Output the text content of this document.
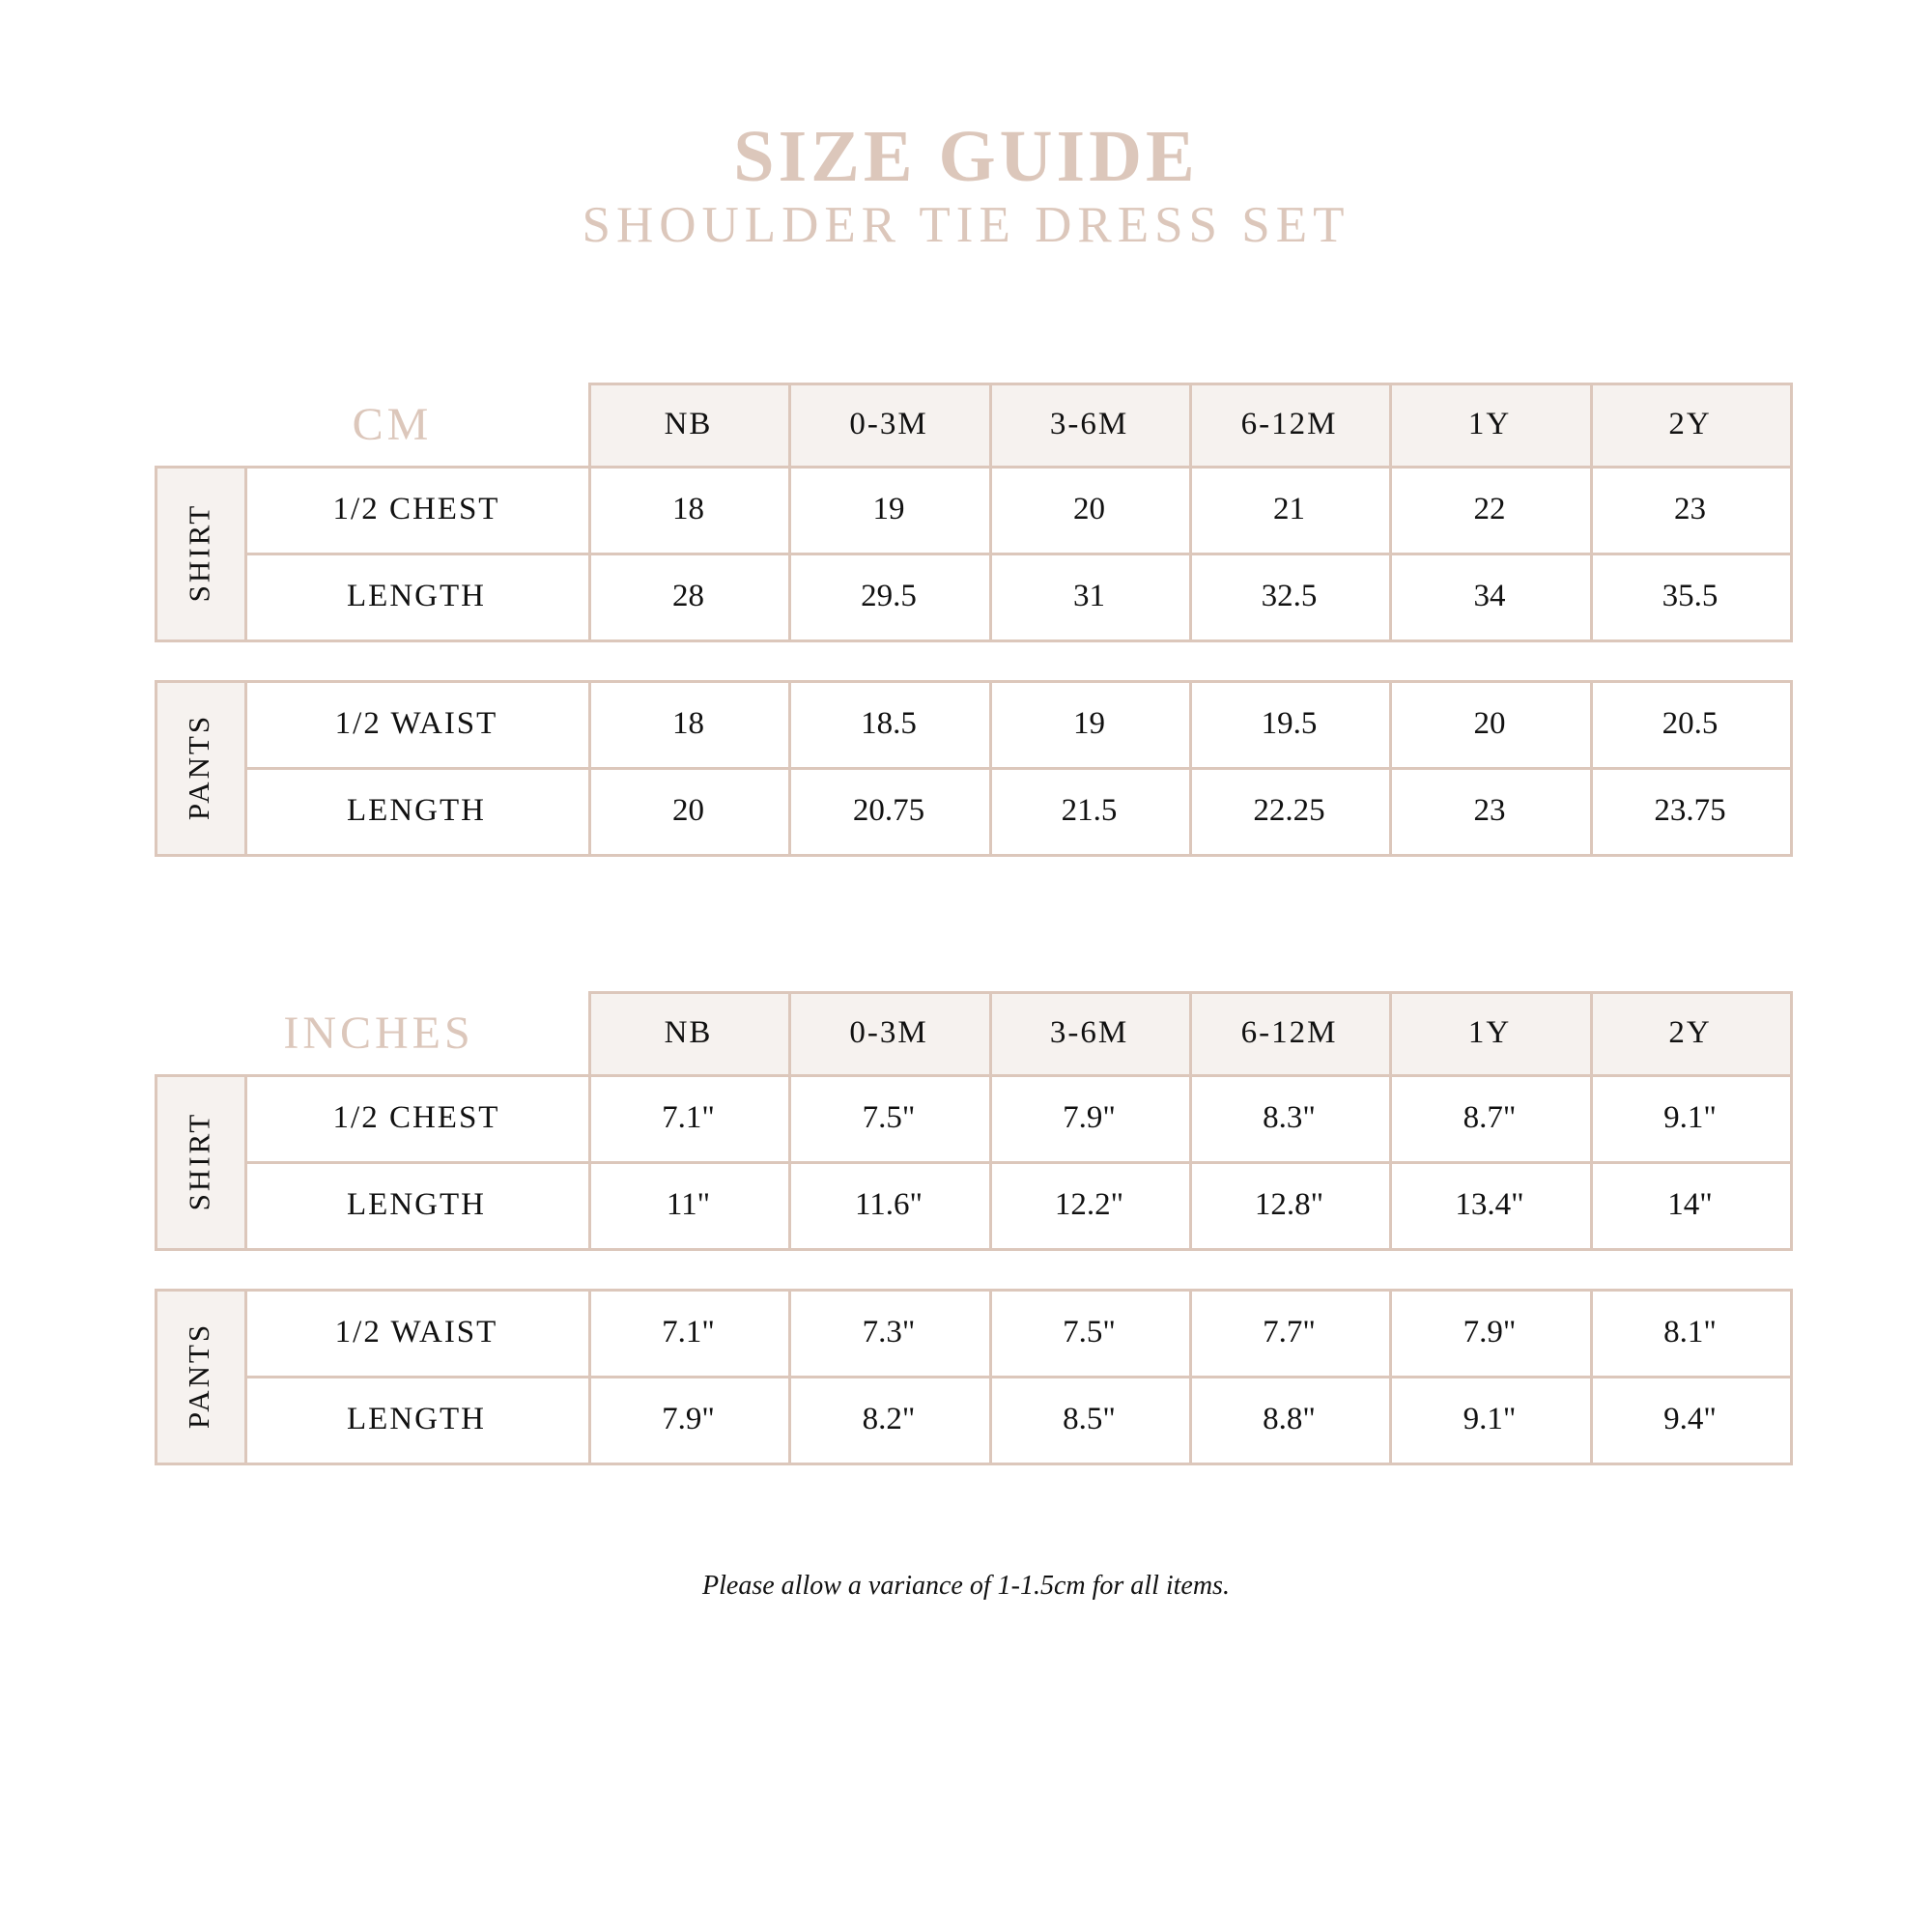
SIZE GUIDE
SHOULDER TIE DRESS SET
CM	NB	0-3M	3-6M	6-12M	1Y	2Y
SHIRT	1/2 CHEST	18	19	20	21	22	23
LENGTH	28	29.5	31	32.5	34	35.5
PANTS	1/2 WAIST	18	18.5	19	19.5	20	20.5
LENGTH	20	20.75	21.5	22.25	23	23.75
INCHES	NB	0-3M	3-6M	6-12M	1Y	2Y
SHIRT	1/2 CHEST	7.1"	7.5"	7.9"	8.3"	8.7"	9.1"
LENGTH	11"	11.6"	12.2"	12.8"	13.4"	14"
PANTS	1/2 WAIST	7.1"	7.3"	7.5"	7.7"	7.9"	8.1"
LENGTH	7.9"	8.2"	8.5"	8.8"	9.1"	9.4"
Please allow a variance of 1-1.5cm for all items.
